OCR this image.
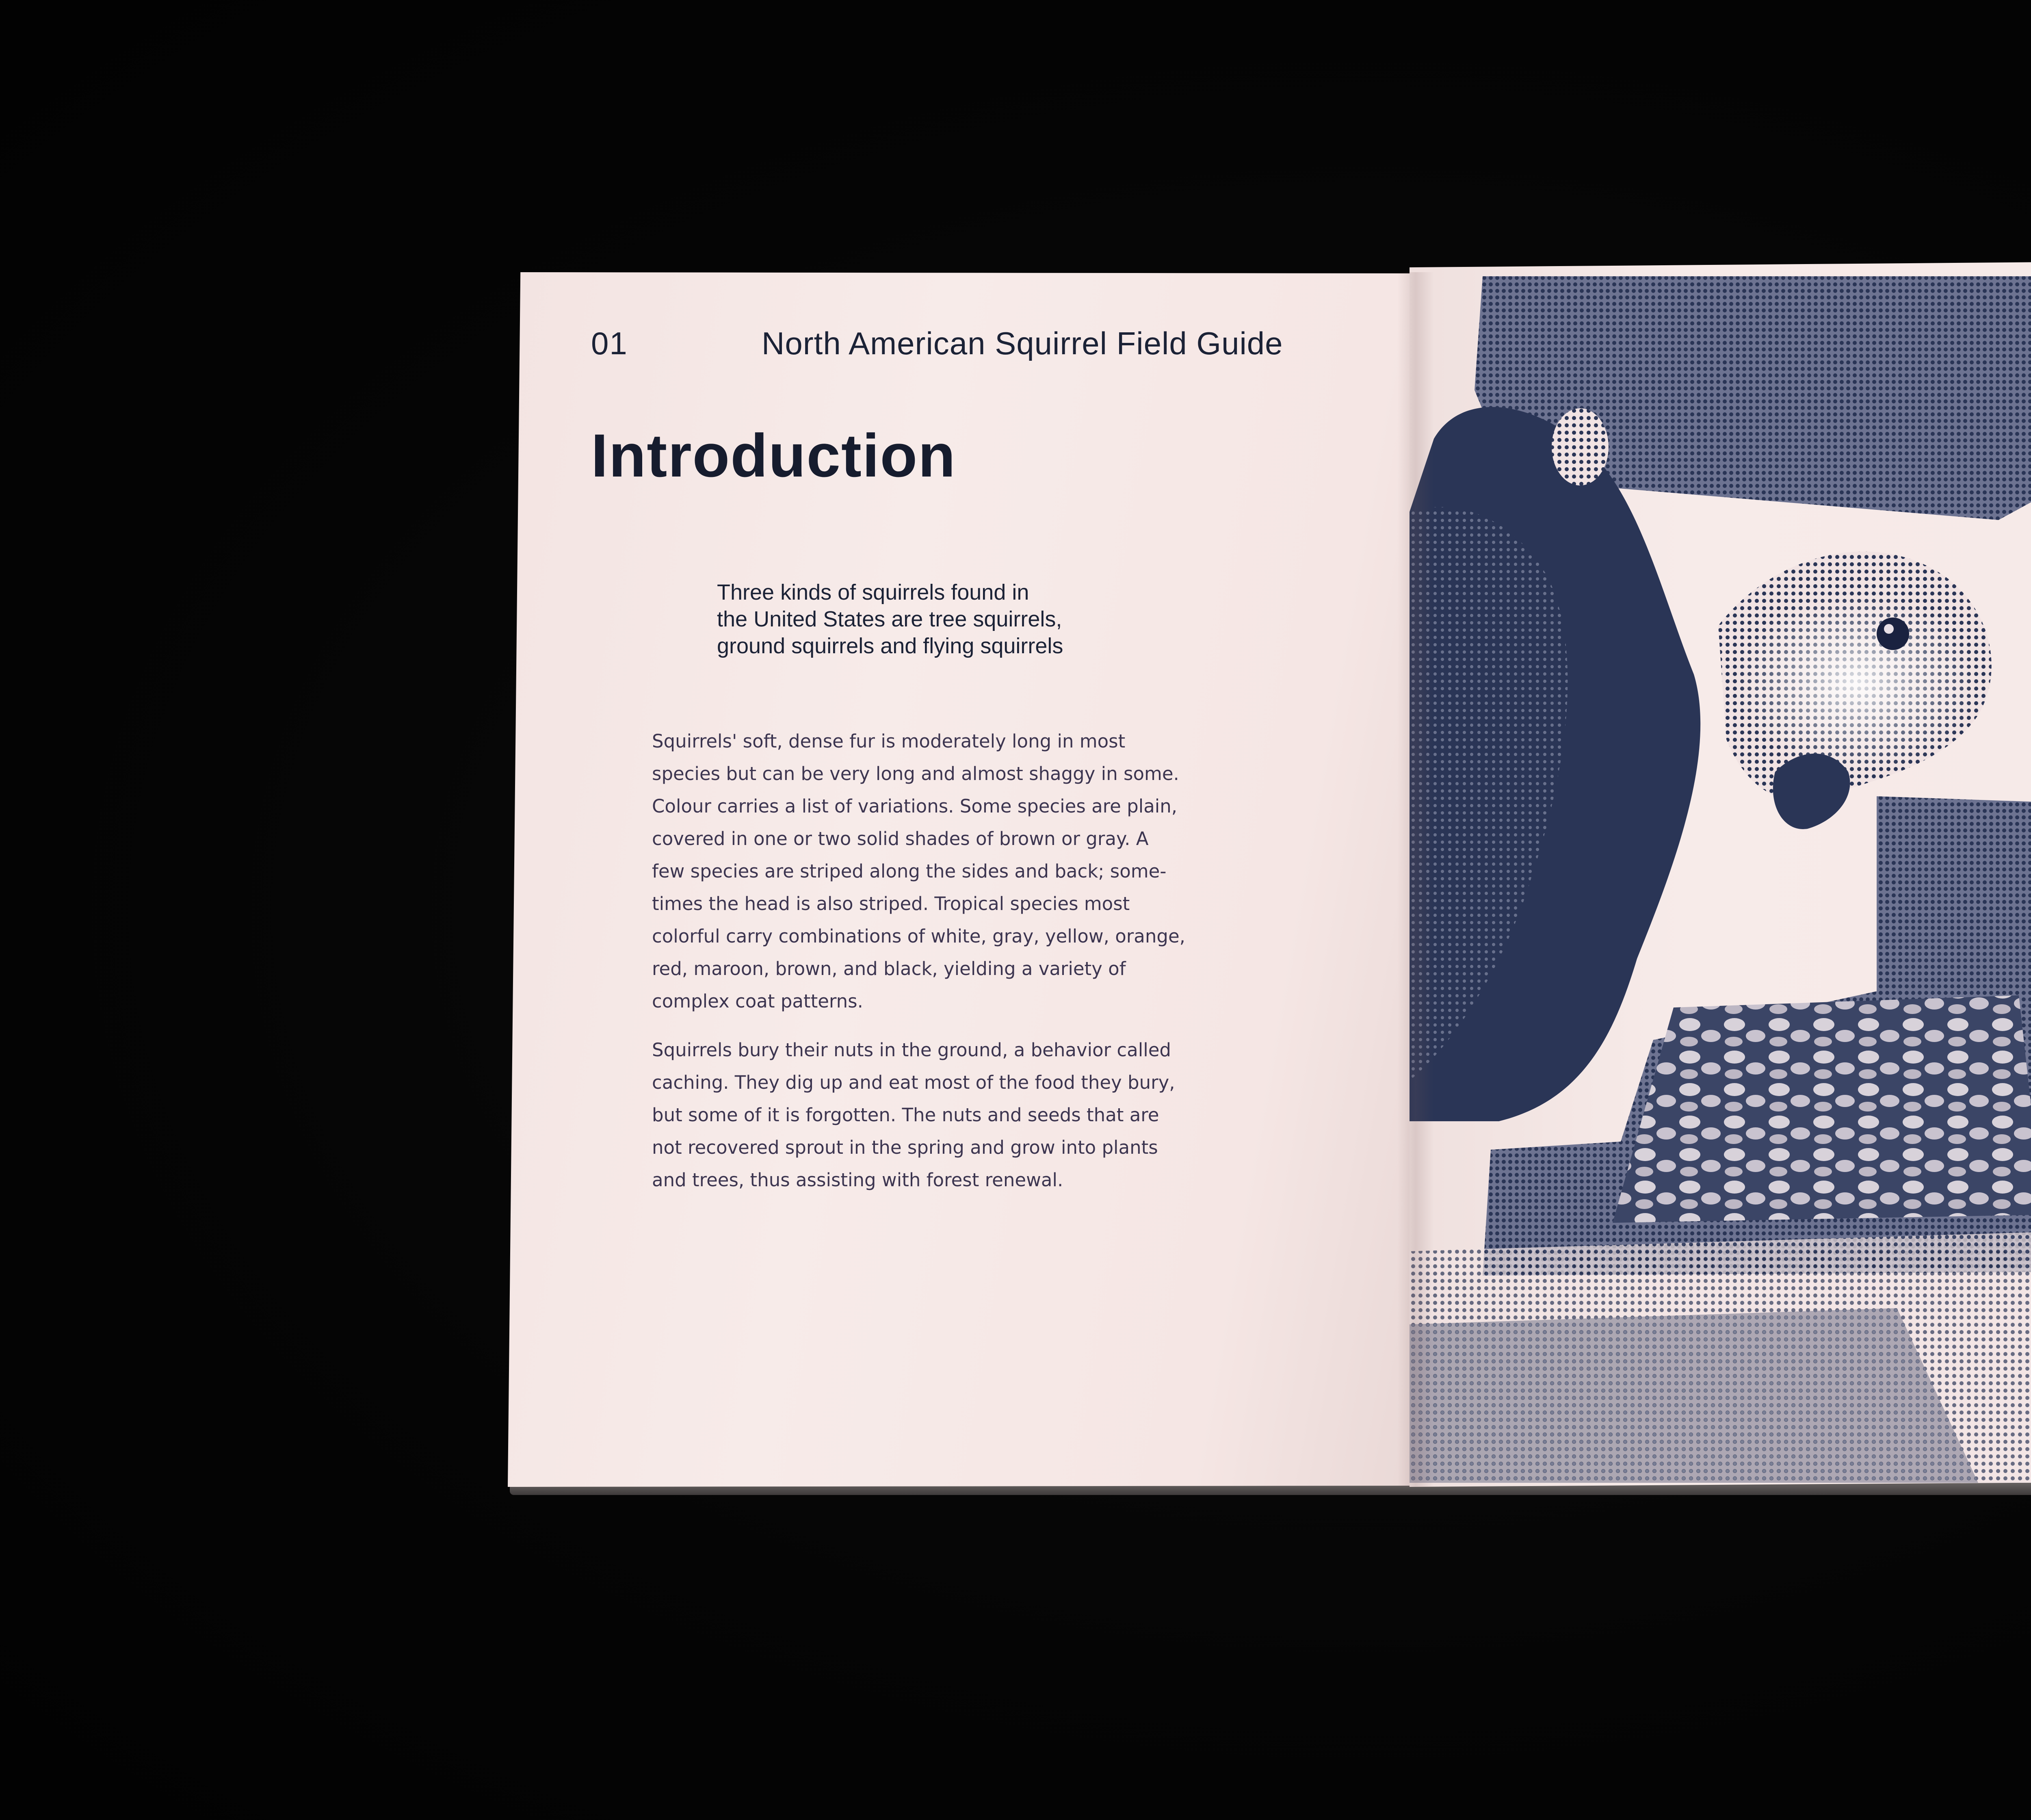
01	North American Squirrel Field Guide
Introduction
Three kinds of squirrels found in
the United States are tree squirrels,
ground squirrels and flying squirrels
Squirrels' soft, dense fur is moderately long in most
species but can be very long and almost shaggy in some.
Colour carries a list of variations. Some species are plain,
covered in one or two solid shades of brown or gray. A
few species are striped along the sides and back; some-
times the head is also striped. Tropical species most
colorful carry combinations of white, gray, yellow, orange,
red, maroon, brown, and black, yielding a variety of
complex coat patterns.
Squirrels bury their nuts in the ground, a behavior called
caching. They dig up and eat most of the food they bury,
but some of it is forgotten. The nuts and seeds that are
not recovered sprout in the spring and grow into plants
and trees, thus assisting with forest renewal.
